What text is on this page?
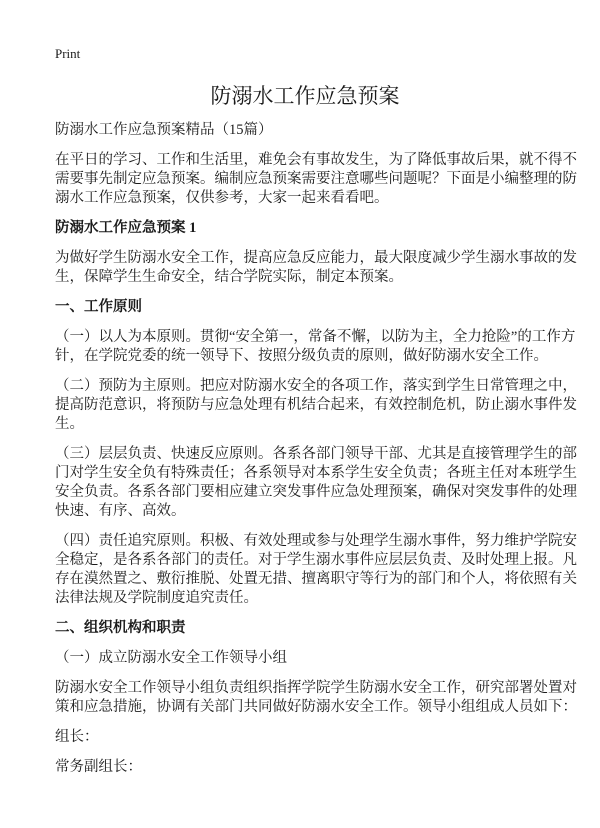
Print
防溺水工作应急预案
防溺水工作应急预案精品（15篇）
在平日的学习、工作和生活里，难免会有事故发生，为了降低事故后果，就不得不
需要事先制定应急预案。编制应急预案需要注意哪些问题呢？下面是小编整理的防
溺水工作应急预案，仅供参考，大家一起来看看吧。
防溺水工作应急预案 1
为做好学生防溺水安全工作，提高应急反应能力，最大限度减少学生溺水事故的发
生，保障学生生命安全，结合学院实际，制定本预案。
一、工作原则
（一）以人为本原则。贯彻“安全第一，常备不懈，以防为主，全力抢险”的工作方
针，在学院党委的统一领导下、按照分级负责的原则，做好防溺水安全工作。
（二）预防为主原则。把应对防溺水安全的各项工作，落实到学生日常管理之中，
提高防范意识，将预防与应急处理有机结合起来，有效控制危机，防止溺水事件发
生。
（三）层层负责、快速反应原则。各系各部门领导干部、尤其是直接管理学生的部
门对学生安全负有特殊责任；各系领导对本系学生安全负责；各班主任对本班学生
安全负责。各系各部门要相应建立突发事件应急处理预案，确保对突发事件的处理
快速、有序、高效。
（四）责任追究原则。积极、有效处理或参与处理学生溺水事件，努力维护学院安
全稳定，是各系各部门的责任。对于学生溺水事件应层层负责、及时处理上报。凡
存在漠然置之、敷衍推脱、处置无措、擅离职守等行为的部门和个人，将依照有关
法律法规及学院制度追究责任。
二、组织机构和职责
（一）成立防溺水安全工作领导小组
防溺水安全工作领导小组负责组织指挥学院学生防溺水安全工作，研究部署处置对
策和应急措施，协调有关部门共同做好防溺水安全工作。领导小组组成人员如下：
组长：
常务副组长：
